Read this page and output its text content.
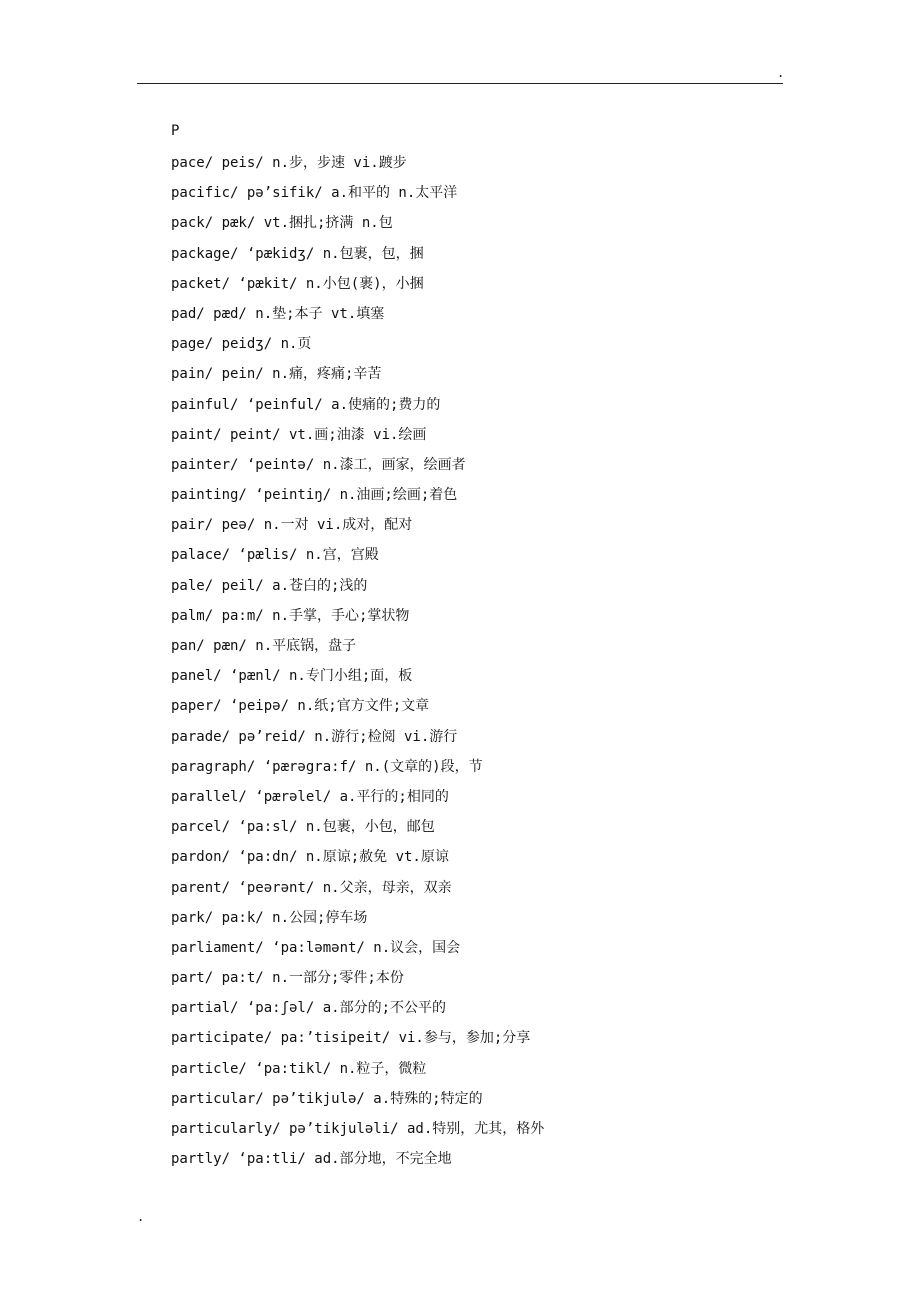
.
P
pace/ peis/ n.步，步速 vi.踱步
pacific/ pə’sifik/ a.和平的 n.太平洋
pack/ pæk/ vt.捆扎;挤满 n.包
package/ ‘pækidʒ/ n.包裹，包，捆
packet/ ‘pækit/ n.小包(裹)，小捆
pad/ pæd/ n.垫;本子 vt.填塞
page/ peidʒ/ n.页
pain/ pein/ n.痛，疼痛;辛苦
painful/ ‘peinful/ a.使痛的;费力的
paint/ peint/ vt.画;油漆 vi.绘画
painter/ ‘peintə/ n.漆工，画家，绘画者
painting/ ‘peintiŋ/ n.油画;绘画;着色
pair/ peə/ n.一对 vi.成对，配对
palace/ ‘pælis/ n.宫，宫殿
pale/ peil/ a.苍白的;浅的
palm/ pa:m/ n.手掌，手心;掌状物
pan/ pæn/ n.平底锅，盘子
panel/ ‘pænl/ n.专门小组;面，板
paper/ ‘peipə/ n.纸;官方文件;文章
parade/ pə’reid/ n.游行;检阅 vi.游行
paragraph/ ‘pærəgra:f/ n.(文章的)段，节
parallel/ ‘pærəlel/ a.平行的;相同的
parcel/ ‘pa:sl/ n.包裹，小包，邮包
pardon/ ‘pa:dn/ n.原谅;赦免 vt.原谅
parent/ ‘peərənt/ n.父亲，母亲，双亲
park/ pa:k/ n.公园;停车场
parliament/ ‘pa:ləmənt/ n.议会，国会
part/ pa:t/ n.一部分;零件;本份
partial/ ‘pa:ʃəl/ a.部分的;不公平的
participate/ pa:’tisipeit/ vi.参与，参加;分享
particle/ ‘pa:tikl/ n.粒子，微粒
particular/ pə’tikjulə/ a.特殊的;特定的
particularly/ pə’tikjuləli/ ad.特别，尤其，格外
partly/ ‘pa:tli/ ad.部分地，不完全地
.
